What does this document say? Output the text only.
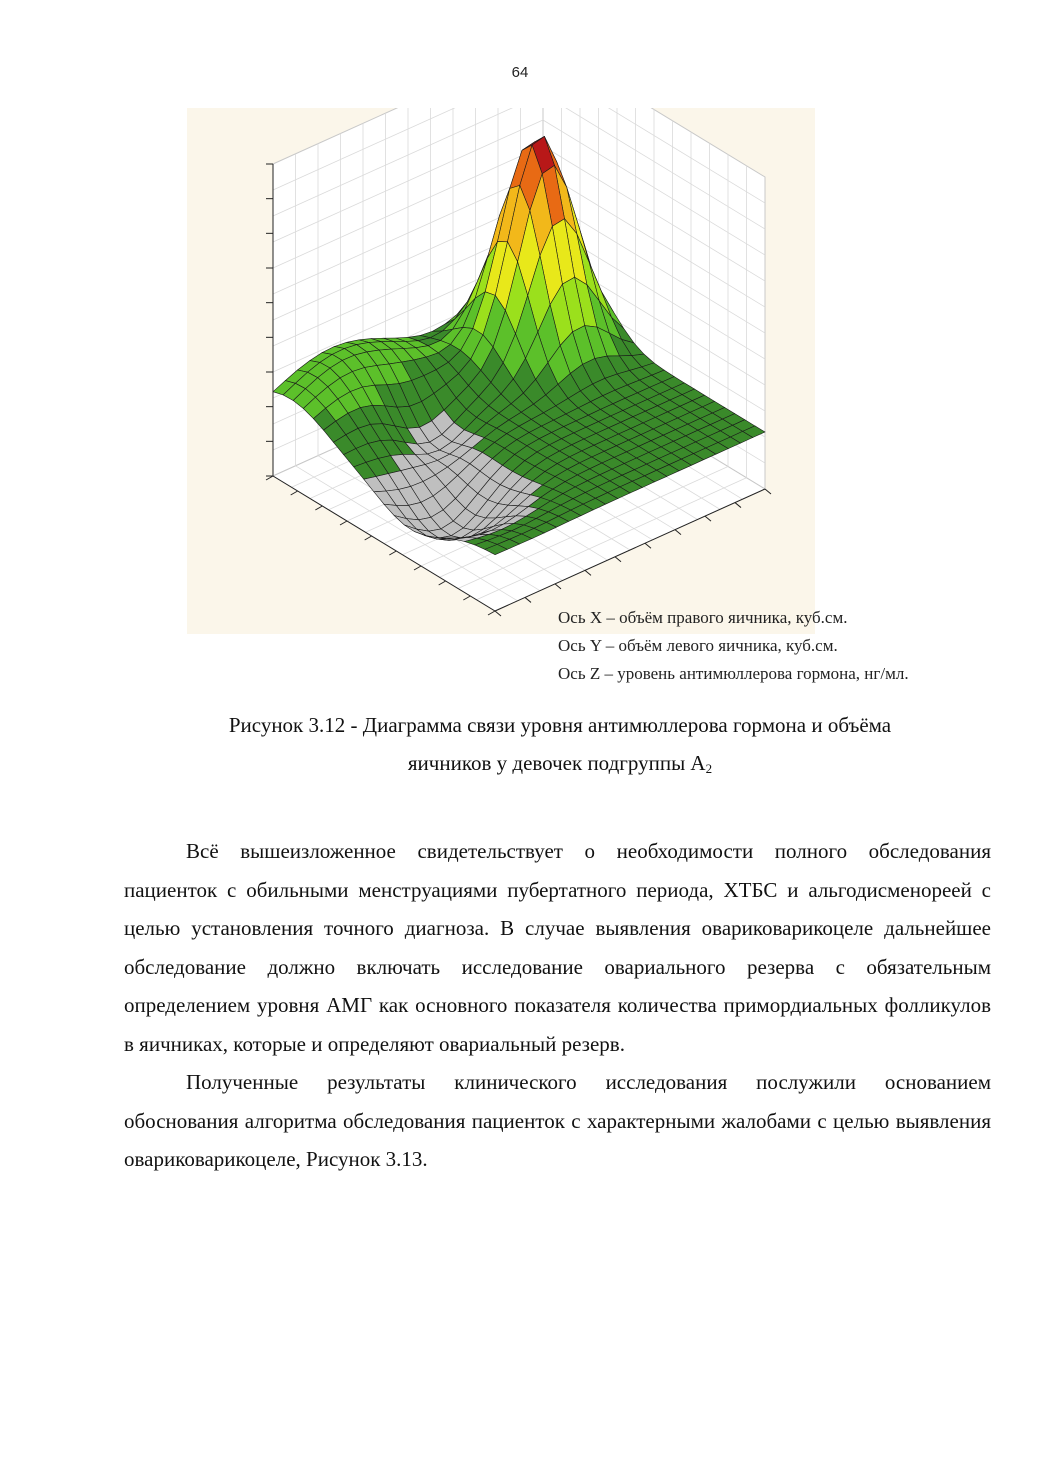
64
Ось X – объём правого яичника, куб.см.
Ось Y – объём левого яичника, куб.см.
Ось Z – уровень антимюллерова гормона, нг/мл.
Рисунок 3.12 - Диаграмма связи уровня антимюллерова гормона и объёма
яичников у девочек подгруппы $А_2$

Всё вышеизложенное свидетельствует о необходимости полного обследования пациенток с обильными менструациями пубертатного периода, ХТБС и альгодисменореей с целью установления точного диагноза. В случае выявления овариковарикоцеле дальнейшее обследование должно включать исследование овариального резерва с обязательным определением уровня АМГ как основного показателя количества примордиальных фолликулов в яичниках, которые и определяют овариальный резерв.

Полученные результаты клинического исследования послужили основанием обоснования алгоритма обследования пациенток с характерными жалобами с целью выявления овариковарикоцеле, Рисунок 3.13.
